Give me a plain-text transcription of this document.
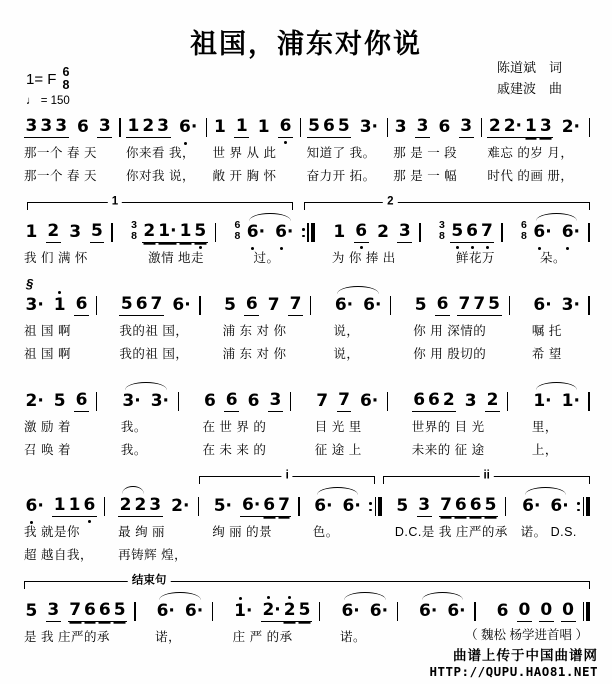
祖国，浦东对你说
陈道斌　词
戚建波　曲
1= F 6
8
♩ = 150
3 3 3 6 3
那一个 春 天
那一个 春 天
1 2 3 6·
你来看 我，
你对我 说，
1 1 1 6
世 界 从 此
敞 开 胸 怀
5 6 5 3·
知道了 我。
奋力开 拓。
3 3 6 3
那 是 一 段
那 是 一 幅
2 2· 1 3 2·
难忘 的岁 月，
时代 的画 册，
1	2
1 2 3 5
我 们 满 怀
3
8 2 1· 1 5
激情 地走
6
8 6· 6·
过。
1 6 2 3
为 你 捧 出
3
8 5 6 7
鲜花万
6
8 6· 6·
朵。
§
3· 1 6
祖 国 啊
祖 国 啊
5 6 7 6·
我的祖 国，
我的祖 国，
5 6 7 7
浦 东 对 你
浦 东 对 你
6· 6·
说，
说，
5 6 7 7 5
你 用 深情的
你 用 殷切的
6· 3·
嘱 托
希 望
2· 5 6
激 励 着
召 唤 着
3· 3·
我。
我。
6 6 6 3
在 世 界 的
在 未 来 的
7 7 6·
目 光 里
征 途 上
6 6 2 3 2
世界的 目 光
未来的 征 途
1· 1·
里，
上，
i	ii
6· 1 1 6
我 就是你
超 越自我，
2 2 3 2·
最 绚 丽
再铸辉 煌，
5· 6· 6 7
绚 丽 的景
6· 6·
色。
5 3 7 6 6 5
D.C.是 我 庄严的承
6· 6·
诺。 D.S.
结束句
5 3 7 6 6 5
是 我 庄严的承
6· 6·
诺，
1· 2· 2 5
庄 严 的承
6· 6·
诺。
6· 6· 6 0 0 0
（ 魏松 杨学进首唱 ）
曲谱上传于中国曲谱网
HTTP://QUPU.HAO81.NET
